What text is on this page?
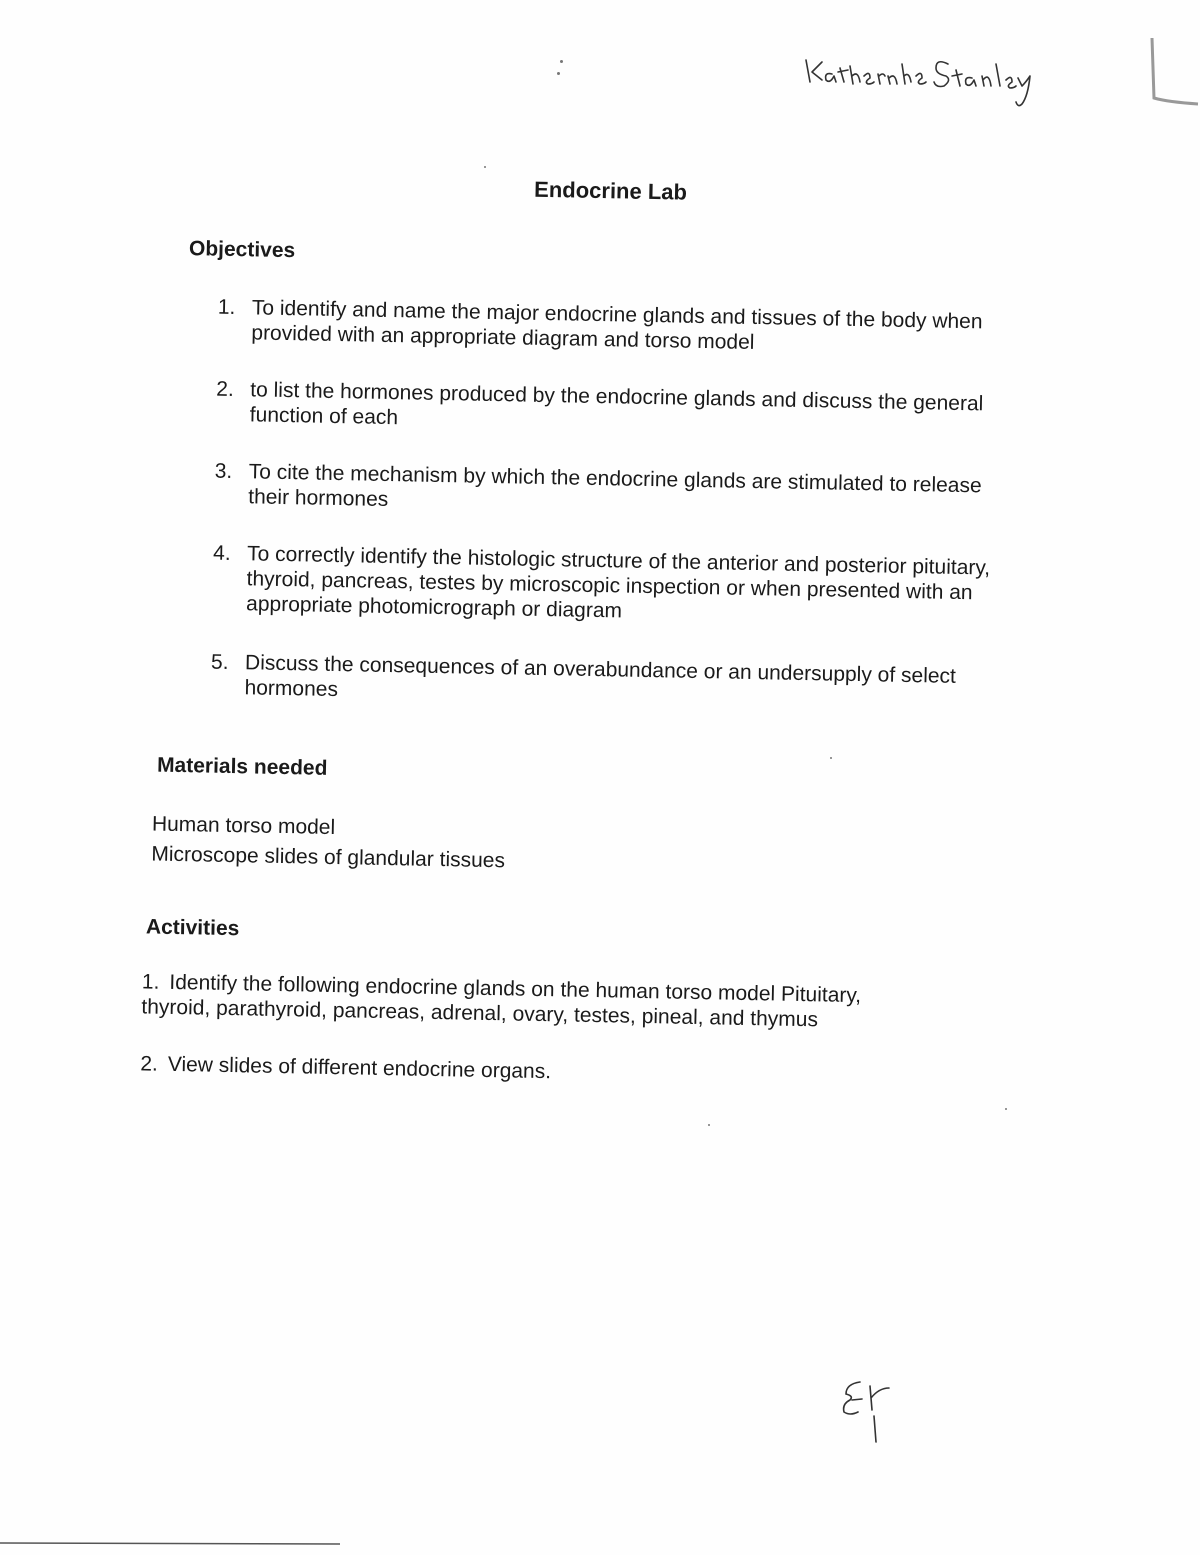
Endocrine Lab
Objectives
1. To identify and name the major endocrine glands and tissues of the body when provided with an appropriate diagram and torso model
2. to list the hormones produced by the endocrine glands and discuss the general function of each
3. To cite the mechanism by which the endocrine glands are stimulated to release their hormones
4. To correctly identify the histologic structure of the anterior and posterior pituitary, thyroid, pancreas, testes by microscopic inspection or when presented with an appropriate photomicrograph or diagram
5. Discuss the consequences of an overabundance or an undersupply of select hormones
Materials needed
Human torso model
Microscope slides of glandular tissues
Activities
1. Identify the following endocrine glands on the human torso model Pituitary, thyroid, parathyroid, pancreas, adrenal, ovary, testes, pineal, and thymus
2. View slides of different endocrine organs.
